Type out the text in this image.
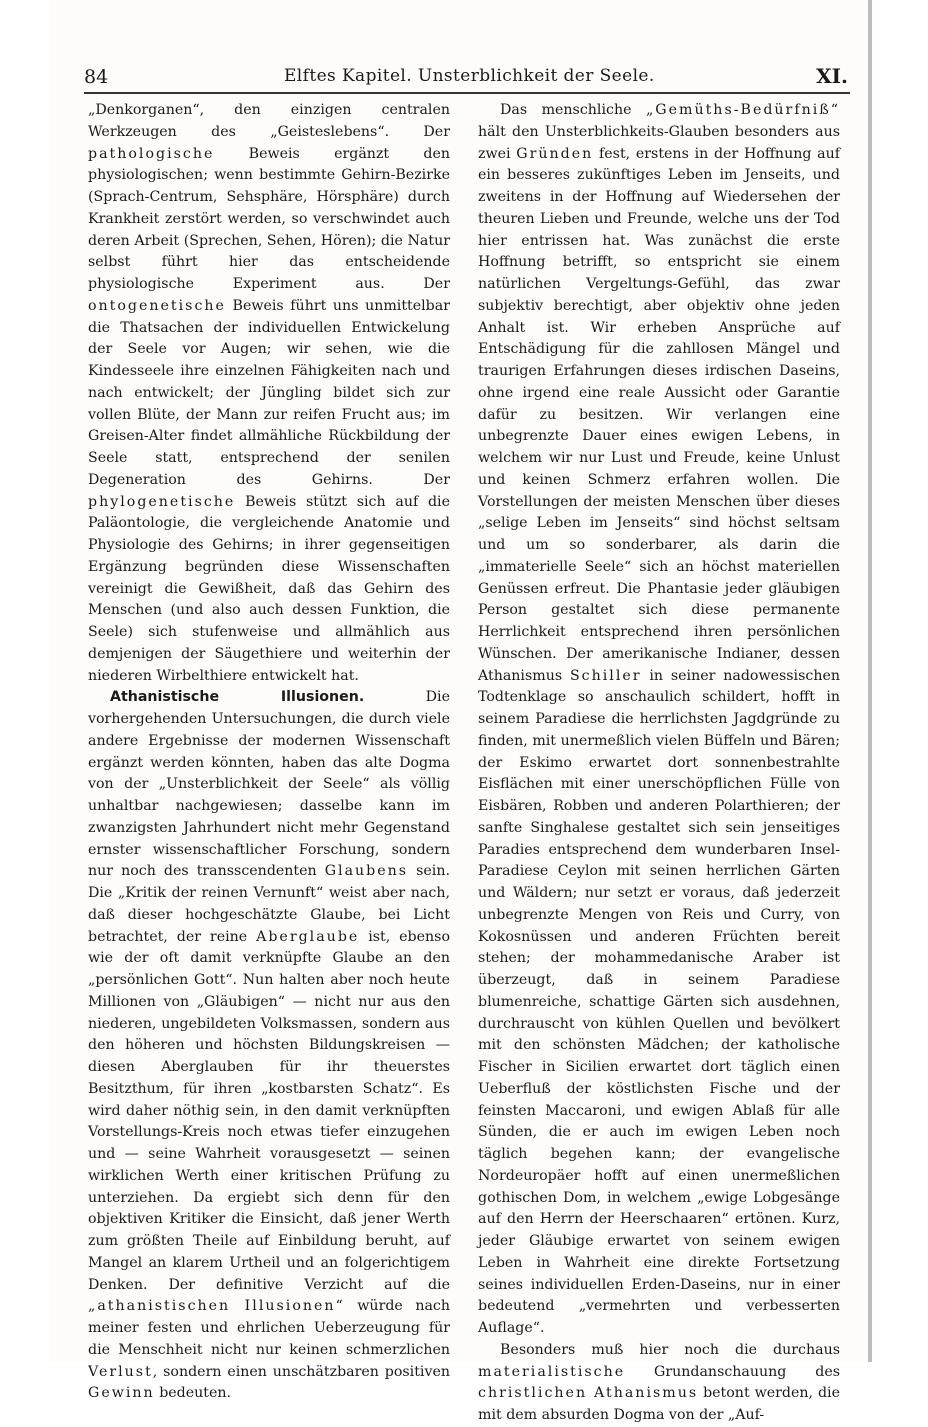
84	Elftes Kapitel. Unsterblichkeit der Seele.	XI.

„Denkorganen“, den einzigen centralen Werkzeugen des „Geisteslebens“. Der pathologische Beweis ergänzt den physiologischen; wenn bestimmte Gehirn-Bezirke (Sprach-Centrum, Sehsphäre, Hörsphäre) durch Krankheit zerstört werden, so verschwindet auch deren Arbeit (Sprechen, Sehen, Hören); die Natur selbst führt hier das entscheidende physiologische Experiment aus. Der ontogenetische Beweis führt uns unmittelbar die Thatsachen der individuellen Entwickelung der Seele vor Augen; wir sehen, wie die Kindesseele ihre einzelnen Fähigkeiten nach und nach entwickelt; der Jüngling bildet sich zur vollen Blüte, der Mann zur reifen Frucht aus; im Greisen-Alter findet allmähliche Rückbildung der Seele statt, entsprechend der senilen Degeneration des Gehirns. Der phylogenetische Beweis stützt sich auf die Paläontologie, die vergleichende Anatomie und Physiologie des Gehirns; in ihrer gegenseitigen Ergänzung begründen diese Wissenschaften vereinigt die Gewißheit, daß das Gehirn des Menschen (und also auch dessen Funktion, die Seele) sich stufenweise und allmählich aus demjenigen der Säugethiere und weiterhin der niederen Wirbelthiere entwickelt hat.

Athanistische Illusionen. Die vorhergehenden Untersuchungen, die durch viele andere Ergebnisse der modernen Wissenschaft ergänzt werden könnten, haben das alte Dogma von der „Unsterblichkeit der Seele“ als völlig unhaltbar nachgewiesen; dasselbe kann im zwanzigsten Jahrhundert nicht mehr Gegenstand ernster wissenschaftlicher Forschung, sondern nur noch des transscendenten Glaubens sein. Die „Kritik der reinen Vernunft“ weist aber nach, daß dieser hochgeschätzte Glaube, bei Licht betrachtet, der reine Aberglaube ist, ebenso wie der oft damit verknüpfte Glaube an den „persönlichen Gott“. Nun halten aber noch heute Millionen von „Gläubigen“ — nicht nur aus den niederen, ungebildeten Volksmassen, sondern aus den höheren und höchsten Bildungskreisen — diesen Aberglauben für ihr theuerstes Besitzthum, für ihren „kostbarsten Schatz“. Es wird daher nöthig sein, in den damit verknüpften Vorstellungs-Kreis noch etwas tiefer einzugehen und — seine Wahrheit vorausgesetzt — seinen wirklichen Werth einer kritischen Prüfung zu unterziehen. Da ergiebt sich denn für den objektiven Kritiker die Einsicht, daß jener Werth zum größten Theile auf Einbildung beruht, auf Mangel an klarem Urtheil und an folgerichtigem Denken. Der definitive Verzicht auf die „athanistischen Illusionen“ würde nach meiner festen und ehrlichen Ueberzeugung für die Menschheit nicht nur keinen schmerzlichen Verlust, sondern einen unschätzbaren positiven Gewinn bedeuten.

Das menschliche „Gemüths-Bedürfniß“ hält den Unsterblichkeits-Glauben besonders aus zwei Gründen fest, erstens in der Hoffnung auf ein besseres zukünftiges Leben im Jenseits, und zweitens in der Hoffnung auf Wiedersehen der theuren Lieben und Freunde, welche uns der Tod hier entrissen hat. Was zunächst die erste Hoffnung betrifft, so entspricht sie einem natürlichen Vergeltungs-Gefühl, das zwar subjektiv berechtigt, aber objektiv ohne jeden Anhalt ist. Wir erheben Ansprüche auf Entschädigung für die zahllosen Mängel und traurigen Erfahrungen dieses irdischen Daseins, ohne irgend eine reale Aussicht oder Garantie dafür zu besitzen. Wir verlangen eine unbegrenzte Dauer eines ewigen Lebens, in welchem wir nur Lust und Freude, keine Unlust und keinen Schmerz erfahren wollen. Die Vorstellungen der meisten Menschen über dieses „selige Leben im Jenseits“ sind höchst seltsam und um so sonderbarer, als darin die „immaterielle Seele“ sich an höchst materiellen Genüssen erfreut. Die Phantasie jeder gläubigen Person gestaltet sich diese permanente Herrlichkeit entsprechend ihren persönlichen Wünschen. Der amerikanische Indianer, dessen Athanismus Schiller in seiner nadowessischen Todtenklage so anschaulich schildert, hofft in seinem Paradiese die herrlichsten Jagdgründe zu finden, mit unermeßlich vielen Büffeln und Bären; der Eskimo erwartet dort sonnenbestrahlte Eisflächen mit einer unerschöpflichen Fülle von Eisbären, Robben und anderen Polarthieren; der sanfte Singhalese gestaltet sich sein jenseitiges Paradies entsprechend dem wunderbaren Insel-Paradiese Ceylon mit seinen herrlichen Gärten und Wäldern; nur setzt er voraus, daß jederzeit unbegrenzte Mengen von Reis und Curry, von Kokosnüssen und anderen Früchten bereit stehen; der mohammedanische Araber ist überzeugt, daß in seinem Paradiese blumenreiche, schattige Gärten sich ausdehnen, durchrauscht von kühlen Quellen und bevölkert mit den schönsten Mädchen; der katholische Fischer in Sicilien erwartet dort täglich einen Ueberfluß der köstlichsten Fische und der feinsten Maccaroni, und ewigen Ablaß für alle Sünden, die er auch im ewigen Leben noch täglich begehen kann; der evangelische Nordeuropäer hofft auf einen unermeßlichen gothischen Dom, in welchem „ewige Lobgesänge auf den Herrn der Heerschaaren“ ertönen. Kurz, jeder Gläubige erwartet von seinem ewigen Leben in Wahrheit eine direkte Fortsetzung seines individuellen Erden-Daseins, nur in einer bedeutend „vermehrten und verbesserten Auflage“.

Besonders muß hier noch die durchaus materialistische Grundanschauung des christlichen Athanismus betont werden, die mit dem absurden Dogma von der „Auf-
